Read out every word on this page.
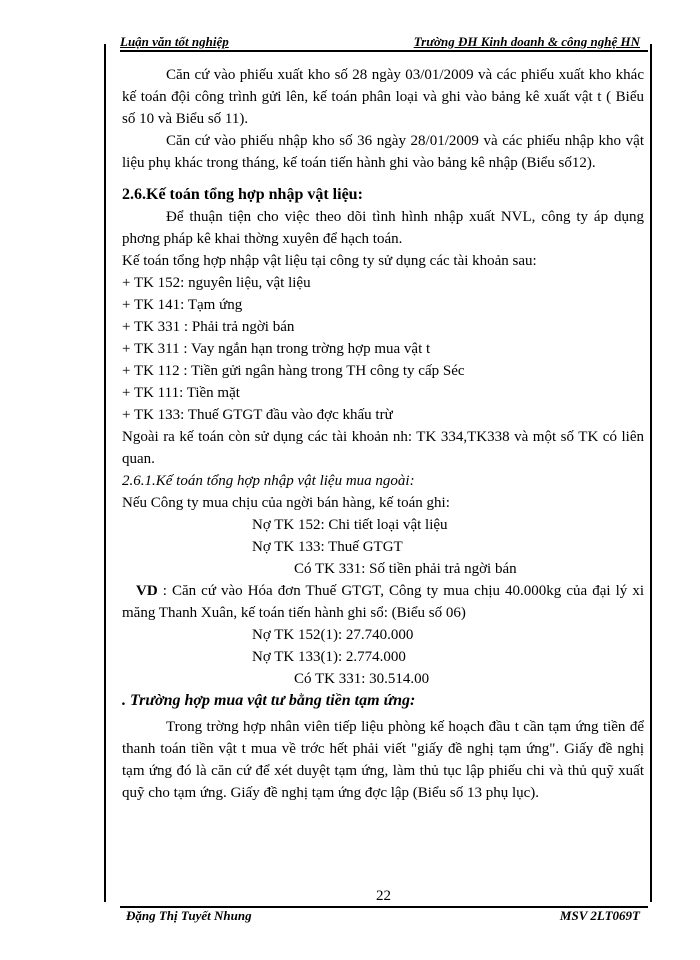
Luận văn tốt nghiệp	Trường ĐH Kinh doanh & công nghệ HN

Căn cứ vào phiếu xuất kho số 28 ngày 03/01/2009 và các phiếu xuất kho khác kế toán đội công trình gửi lên, kế toán phân loại và ghi vào bảng kê xuất vật t ( Biểu số 10 và Biểu số 11).

Căn cứ vào phiếu nhập kho số 36 ngày 28/01/2009 và các phiếu nhập kho vật liệu phụ khác trong tháng, kế toán tiến hành ghi vào bảng kê nhập (Biểu số12).

2.6.Kế toán tổng hợp nhập vật liệu:

Để thuận tiện cho việc theo dõi tình hình nhập xuất NVL, công ty áp dụng phơng pháp kê khai thờng xuyên để hạch toán.

Kế toán tổng hợp nhập vật liệu tại công ty sử dụng các tài khoản sau:

+ TK 152: nguyên liệu, vật liệu

+ TK 141: Tạm ứng

+ TK 331 : Phải trả ngời bán

+ TK 311 : Vay ngắn hạn trong trờng hợp mua vật t

+ TK 112 : Tiền gửi ngân hàng trong TH công ty cấp Séc

+ TK 111: Tiền mặt

+ TK 133: Thuế GTGT đầu vào đợc khấu trừ

Ngoài ra kế toán còn sử dụng các tài khoản nh: TK 334,TK338 và một số TK có liên quan.

2.6.1.Kế toán tổng hợp nhập vật liệu mua ngoài:

Nếu Công ty mua chịu của ngời bán hàng, kế toán ghi:

Nợ TK 152: Chi tiết loại vật liệu

Nợ TK 133: Thuế GTGT

Có TK 331: Số tiền phải trả ngời bán

VD : Căn cứ vào Hóa đơn Thuế GTGT, Công ty mua chịu 40.000kg của đại lý xi măng Thanh Xuân, kế toán tiến hành ghi sổ: (Biểu số 06)

Nợ TK 152(1): 27.740.000

Nợ TK 133(1): 2.774.000

Có TK 331: 30.514.00

. Trường hợp mua vật tư bằng tiền tạm ứng:

Trong trờng hợp nhân viên tiếp liệu phòng kế hoạch đầu t cần tạm ứng tiền để thanh toán tiền vật t mua về trớc hết phải viết "giấy đề nghị tạm ứng". Giấy đề nghị tạm ứng đó là căn cứ để xét duyệt tạm ứng, làm thủ tục lập phiếu chi và thủ quỹ xuất quỹ cho tạm ứng. Giấy đề nghị tạm ứng đợc lập (Biểu số 13 phụ lục).

22
Đặng Thị Tuyết Nhung	MSV 2LT069T
